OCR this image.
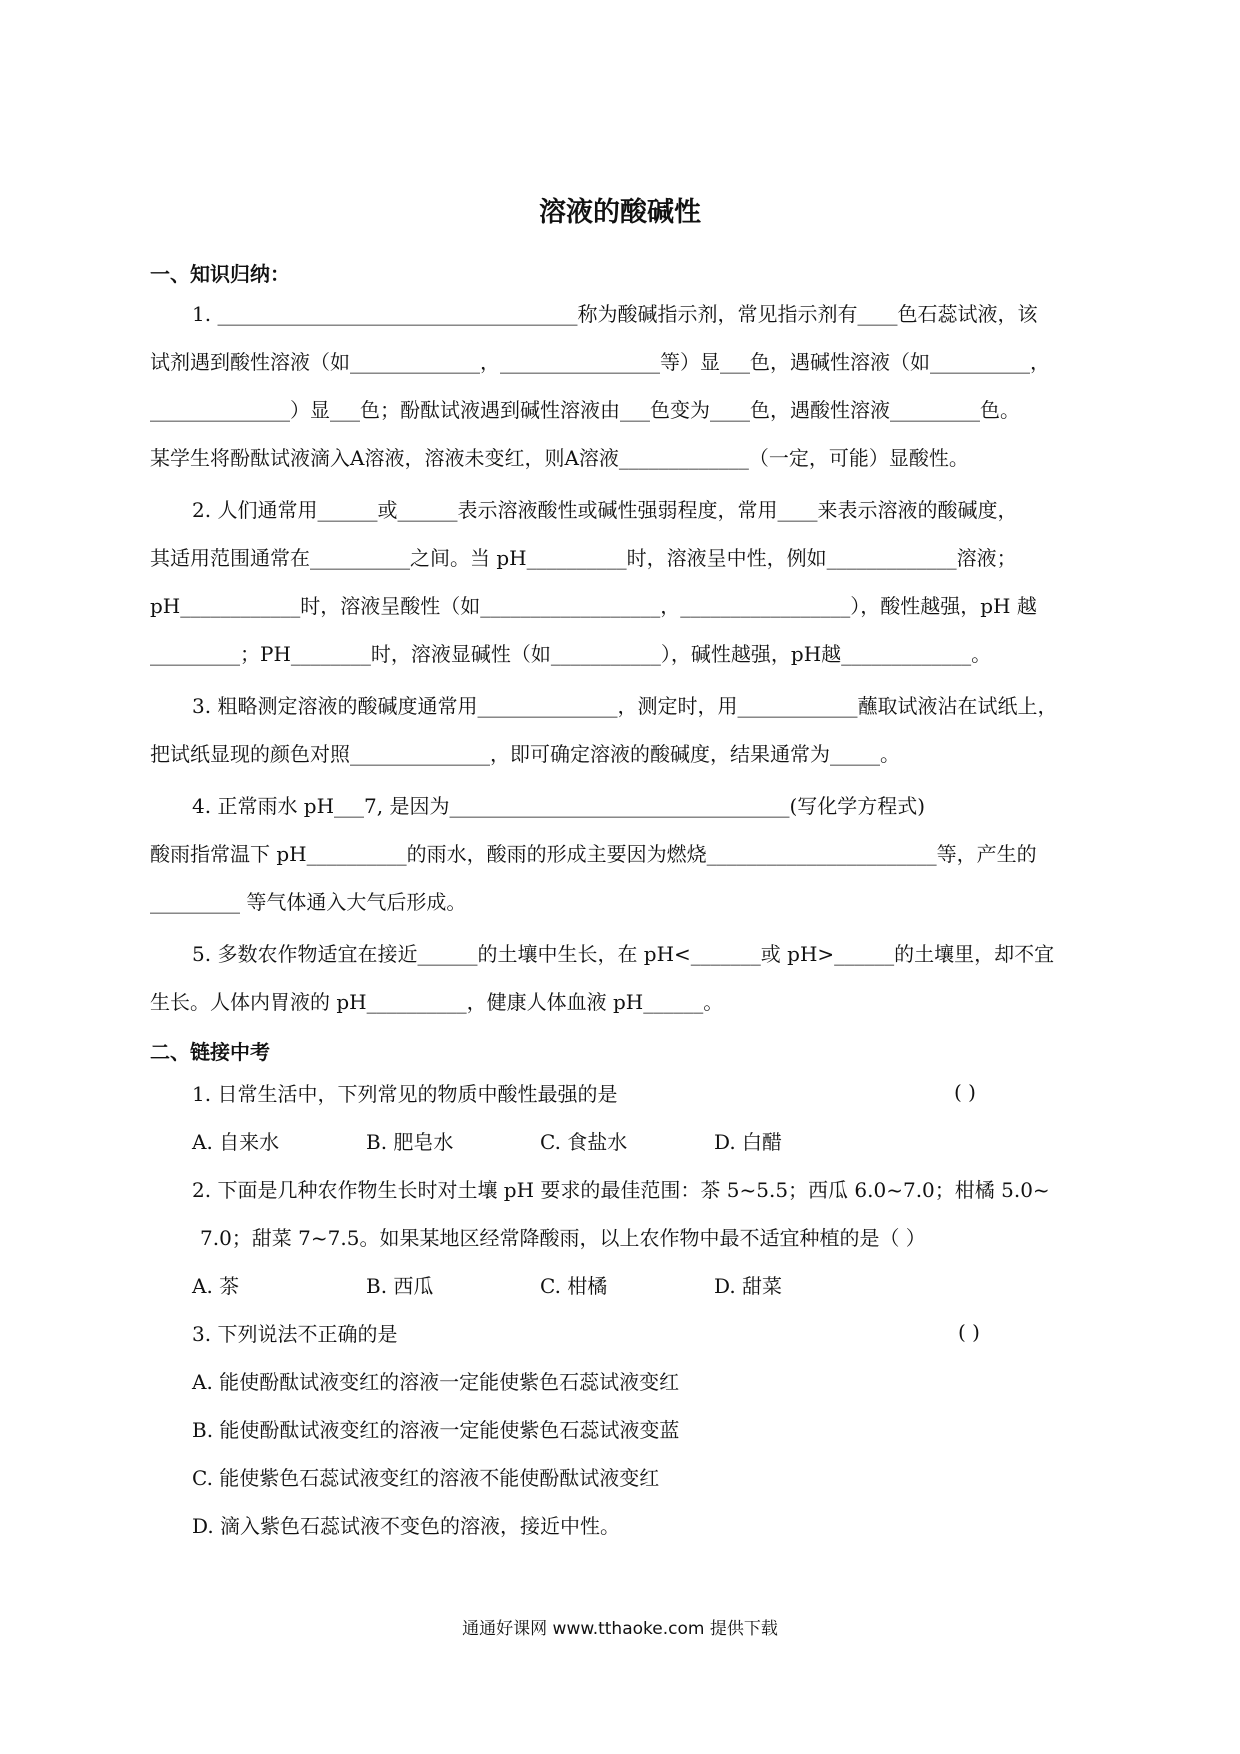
溶液的酸碱性
一、知识归纳：
1. ____________________________________称为酸碱指示剂，常见指示剂有____色石蕊试液，该
试剂遇到酸性溶液（如_____________，________________等）显___色，遇碱性溶液（如__________，
______________）显___色；酚酞试液遇到碱性溶液由___色变为____色，遇酸性溶液_________色。
某学生将酚酞试液滴入A溶液，溶液未变红，则A溶液_____________（一定，可能）显酸性。
2. 人们通常用______或______表示溶液酸性或碱性强弱程度，常用____来表示溶液的酸碱度，
其适用范围通常在__________之间。当 pH__________时，溶液呈中性，例如_____________溶液；
pH____________时，溶液呈酸性（如__________________，_________________），酸性越强，pH 越
_________；PH________时，溶液显碱性（如___________），碱性越强，pH越_____________。
3. 粗略测定溶液的酸碱度通常用______________，测定时，用____________蘸取试液沾在试纸上，
把试纸显现的颜色对照______________，即可确定溶液的酸碱度，结果通常为_____。
4. 正常雨水 pH___7, 是因为__________________________________(写化学方程式)
酸雨指常温下 pH__________的雨水，酸雨的形成主要因为燃烧_______________________等，产生的
_________ 等气体通入大气后形成。
5. 多数农作物适宜在接近______的土壤中生长，在 pH<_______或 pH>______的土壤里，却不宜
生长。人体内胃液的 pH__________，健康人体血液 pH______。
二、链接中考
1. 日常生活中，下列常见的物质中酸性最强的是	( )
A. 自来水	B. 肥皂水	C. 食盐水	D. 白醋
2. 下面是几种农作物生长时对土壤 pH 要求的最佳范围：茶 5~5.5；西瓜 6.0~7.0；柑橘 5.0~
7.0；甜菜 7~7.5。如果某地区经常降酸雨，以上农作物中最不适宜种植的是（ ）
A. 茶	B. 西瓜	C. 柑橘	D. 甜菜
3. 下列说法不正确的是	( )
A. 能使酚酞试液变红的溶液一定能使紫色石蕊试液变红
B. 能使酚酞试液变红的溶液一定能使紫色石蕊试液变蓝
C. 能使紫色石蕊试液变红的溶液不能使酚酞试液变红
D. 滴入紫色石蕊试液不变色的溶液，接近中性。
通通好课网 www.tthaoke.com 提供下载
